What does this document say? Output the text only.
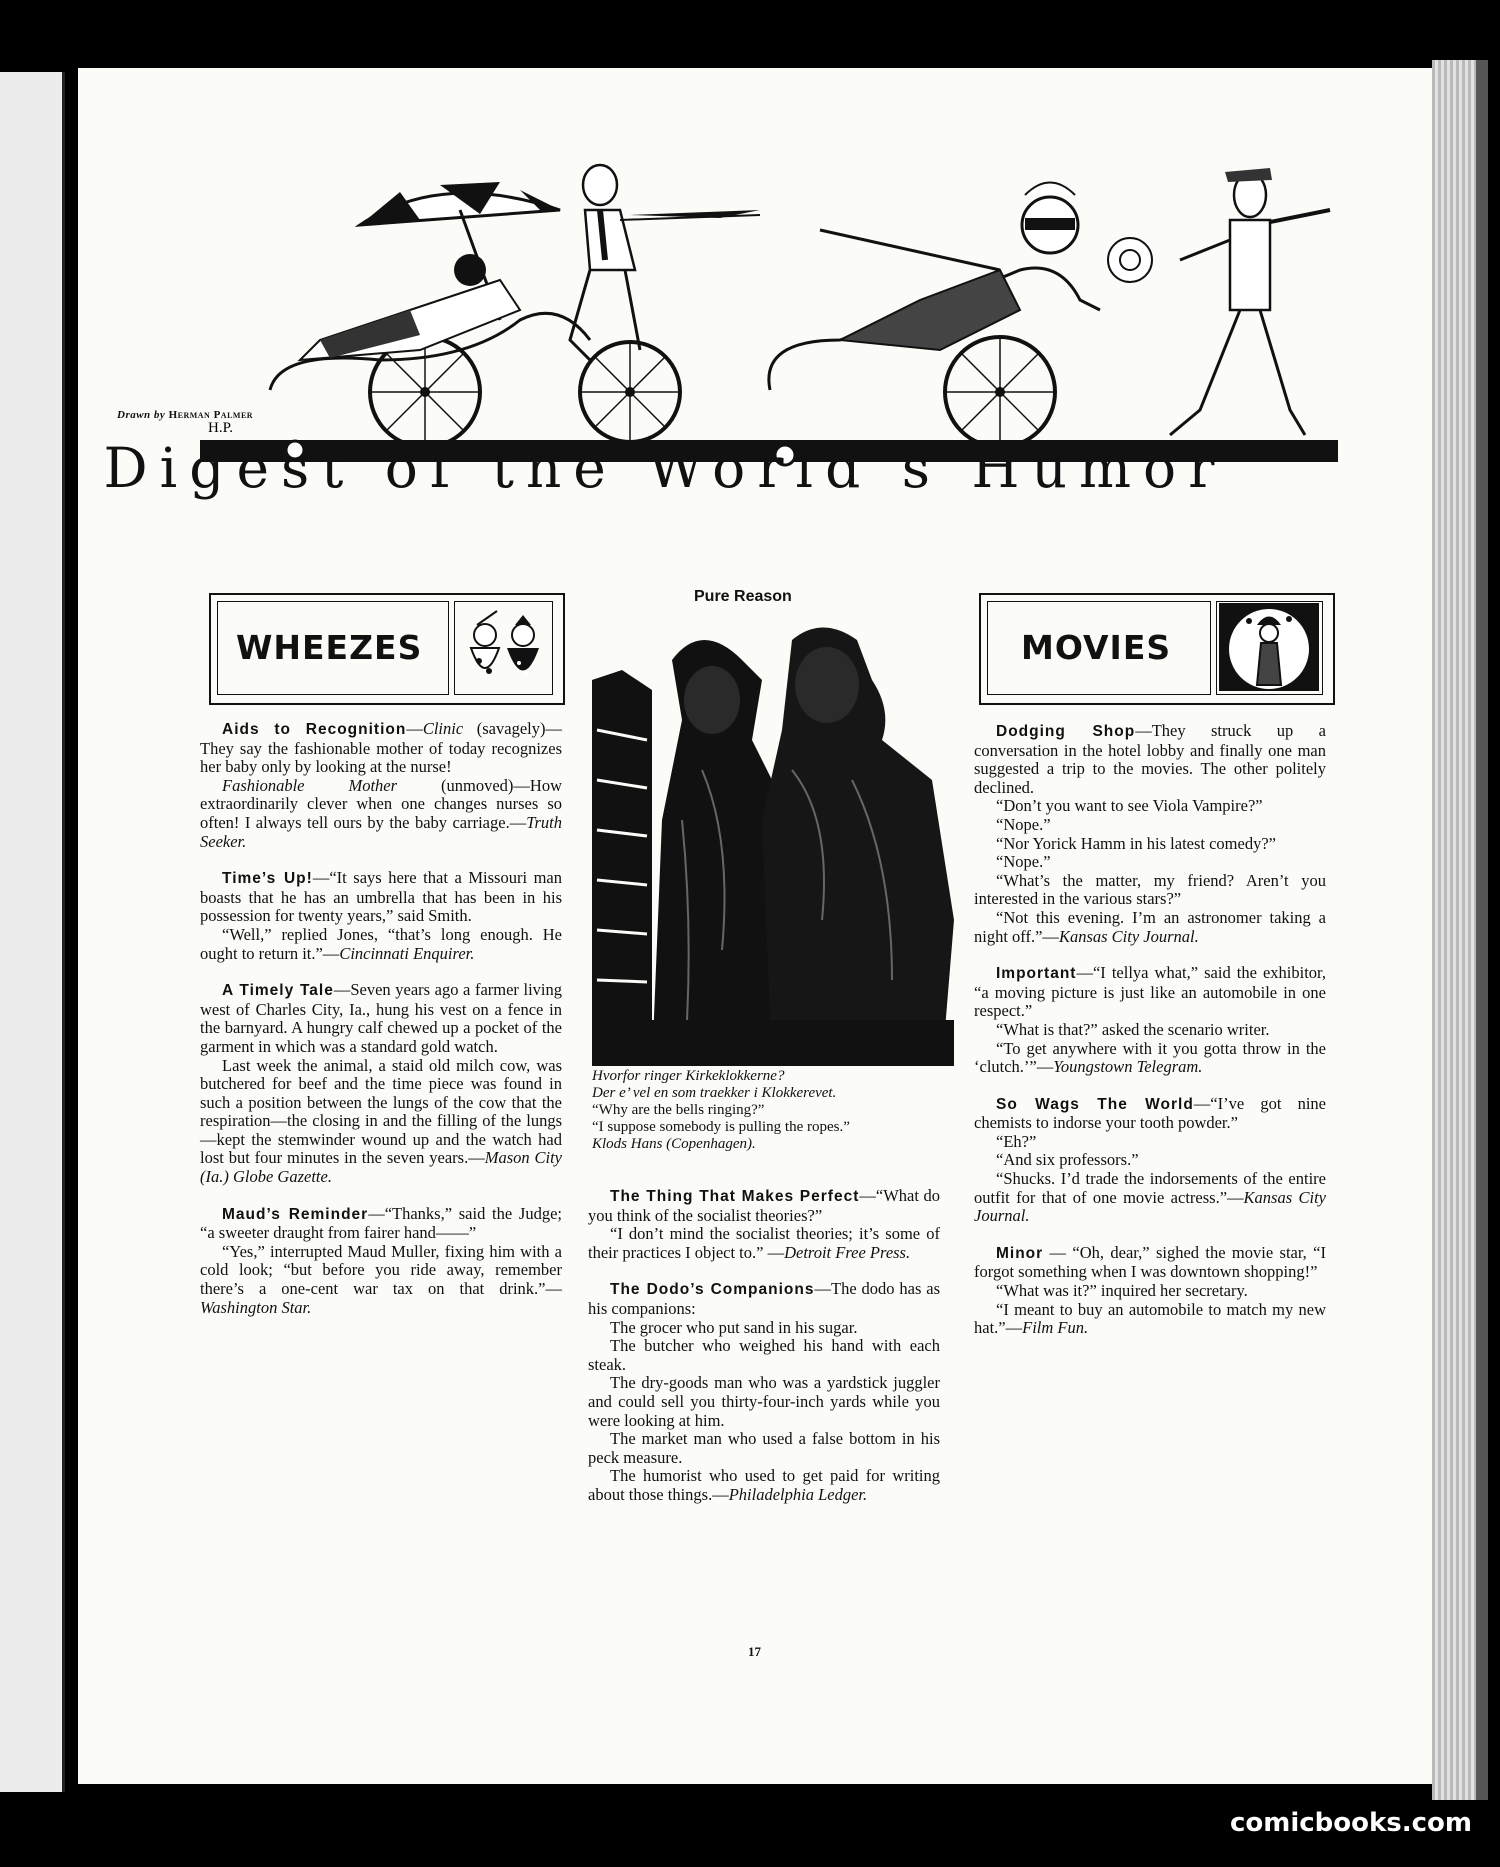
H.P.
Drawn by Herman Palmer
Digest of the World’s Humor
WHEEZES	MOVIES

Aids to Recognition—Clinic (savagely)—They say the fashionable mother of today recognizes her baby only by looking at the nurse!

Fashionable Mother (unmoved)—How extraordinarily clever when one changes nurses so often! I always tell ours by the baby carriage.—Truth Seeker.

Time’s Up!—“It says here that a Missouri man boasts that he has an umbrella that has been in his possession for twenty years,” said Smith.

“Well,” replied Jones, “that’s long enough. He ought to return it.”—Cincinnati Enquirer.

A Timely Tale—Seven years ago a farmer living west of Charles City, Ia., hung his vest on a fence in the barnyard. A hungry calf chewed up a pocket of the garment in which was a standard gold watch.

Last week the animal, a staid old milch cow, was butchered for beef and the time piece was found in such a position between the lungs of the cow that the respiration—the closing in and the filling of the lungs—kept the stemwinder wound up and the watch had lost but four minutes in the seven years.—Mason City (Ia.) Globe Gazette.

Maud’s Reminder—“Thanks,” said the Judge; “a sweeter draught from fairer hand——”

“Yes,” interrupted Maud Muller, fixing him with a cold look; “but before you ride away, remember there’s a one-cent war tax on that drink.”—Washington Star.

Pure Reason
Hvorfor ringer Kirkeklokkerne?
Der e’ vel en som traekker i Klokkerevet.
“Why are the bells ringing?”
“I suppose somebody is pulling the ropes.”
Klods Hans (Copenhagen).

The Thing That Makes Perfect—“What do you think of the socialist theories?”

“I don’t mind the socialist theories; it’s some of their practices I object to.” —Detroit Free Press.

The Dodo’s Companions—The dodo has as his companions:

The grocer who put sand in his sugar.

The butcher who weighed his hand with each steak.

The dry-goods man who was a yardstick juggler and could sell you thirty-four-inch yards while you were looking at him.

The market man who used a false bottom in his peck measure.

The humorist who used to get paid for writing about those things.—Philadelphia Ledger.

Dodging Shop—They struck up a conversation in the hotel lobby and finally one man suggested a trip to the movies. The other politely declined.

“Don’t you want to see Viola Vampire?”

“Nope.”

“Nor Yorick Hamm in his latest comedy?”

“Nope.”

“What’s the matter, my friend? Aren’t you interested in the various stars?”

“Not this evening. I’m an astronomer taking a night off.”—Kansas City Journal.

Important—“I tellya what,” said the exhibitor, “a moving picture is just like an automobile in one respect.”

“What is that?” asked the scenario writer.

“To get anywhere with it you gotta throw in the ‘clutch.’”—Youngstown Telegram.

So Wags The World—“I’ve got nine chemists to indorse your tooth powder.”

“Eh?”

“And six professors.”

“Shucks. I’d trade the indorsements of the entire outfit for that of one movie actress.”—Kansas City Journal.

Minor — “Oh, dear,” sighed the movie star, “I forgot something when I was downtown shopping!”

“What was it?” inquired her secretary.

“I meant to buy an automobile to match my new hat.”—Film Fun.

17
comicbooks.com
